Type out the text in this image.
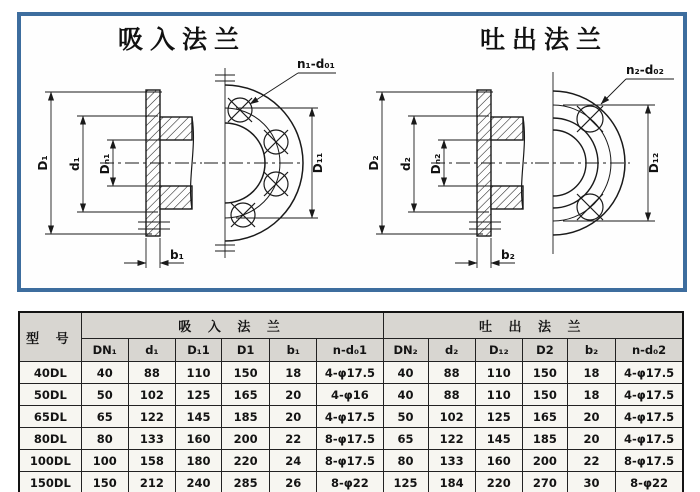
D₁ d₁ Dₙ₁
b₁
D₁₁
n₁-d₀₁
D₂ d₂ Dₙ₂
b₂
D₁₂
n₂-d₀₂
吸入法兰	吐出法兰
型 号	吸 入 法 兰						吐 出 法 兰					
	DN₁	d₁	D₁1	D1	b₁	n-d₀1	DN₂	d₂	D₁₂	D2	b₂	n-d₀2
40DL	40	88	110	150	18	4-φ17.5	40	88	110	150	18	4-φ17.5
50DL	50	102	125	165	20	4-φ16	40	88	110	150	18	4-φ17.5
65DL	65	122	145	185	20	4-φ17.5	50	102	125	165	20	4-φ17.5
80DL	80	133	160	200	22	8-φ17.5	65	122	145	185	20	4-φ17.5
100DL	100	158	180	220	24	8-φ17.5	80	133	160	200	22	8-φ17.5
150DL	150	212	240	285	26	8-φ22	125	184	220	270	30	8-φ22
